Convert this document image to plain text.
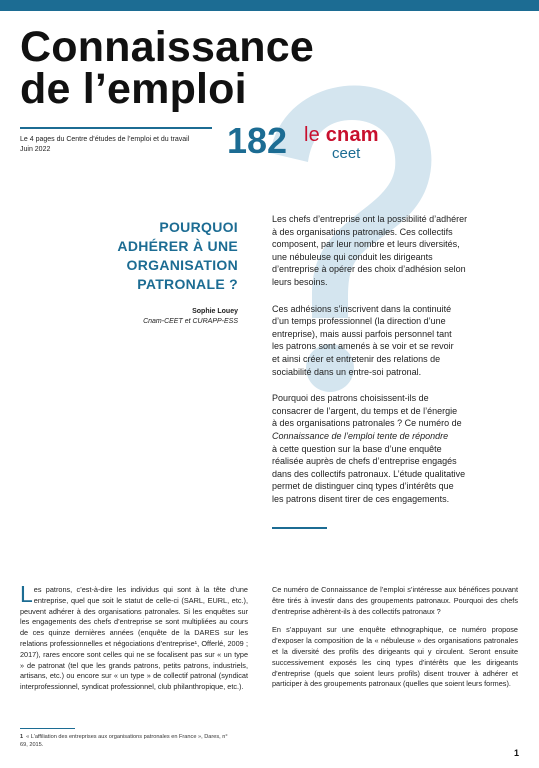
Connaissance
de l’emploi
Le 4 pages du Centre d’études de l’emploi et du travail
Juin 2022	182 le cnam
ceet
POURQUOI
ADHÉRER À UNE
ORGANISATION
PATRONALE ?
Sophie Louey
Cnam-CEET et CURAPP-ESS

Les chefs d’entreprise ont la possibilité d’adhérer
à des organisations patronales. Ces collectifs
composent, par leur nombre et leurs diversités,
une nébuleuse qui conduit les dirigeants
d’entreprise à opérer des choix d’adhésion selon
leurs besoins.

Ces adhésions s’inscrivent dans la continuité
d’un temps professionnel (la direction d’une
entreprise), mais aussi parfois personnel tant
les patrons sont amenés à se voir et se revoir
et ainsi créer et entretenir des relations de
sociabilité dans un entre-soi patronal.

Pourquoi des patrons choisissent-ils de
consacrer de l’argent, du temps et de l’énergie
à des organisations patronales ? Ce numéro de
Connaissance de l’emploi tente de répondre
à cette question sur la base d’une enquête
réalisée auprès de chefs d’entreprise engagés
dans des collectifs patronaux. L’étude qualitative
permet de distinguer cinq types d’intérêts que
les patrons disent tirer de ces engagements.

Les patrons, c’est-à-dire les individus qui sont à la tête d’une entreprise, quel que soit le statut de celle-ci (SARL, EURL, etc.), peuvent adhérer à des organisations patronales. Si les enquêtes sur les engagements des chefs d’entreprise se sont multipliées au cours de ces quinze dernières années (enquête de la DARES sur les relations professionnelles et négociations d’entreprise¹, Offerlé, 2009 ; 2017), rares encore sont celles qui ne se focalisent pas sur « un type » de patronat (tel que les grands patrons, petits patrons, industriels, artisans, etc.) ou encore sur « un type » de collectif patronal (syndicat interprofessionnel, syndicat professionnel, club philanthropique, etc.).

Ce numéro de Connaissance de l’emploi s’intéresse aux bénéfices pouvant être tirés à investir dans des groupements patronaux. Pourquoi des chefs d’entreprise adhèrent-ils à des collectifs patronaux ?

En s’appuyant sur une enquête ethnographique, ce numéro propose d’exposer la composition de la « nébuleuse » des organisations patronales et la diversité des profils des dirigeants qui y circulent. Seront ensuite successivement exposés les cinq types d’intérêts que les dirigeants d’entreprise (quels que soient leurs profils) disent trouver à adhérer et participer à des groupements patronaux (quelles que soient leurs formes).

1 « L’affiliation des entreprises aux organisations patronales en France », Dares, n° 69, 2015.
1
